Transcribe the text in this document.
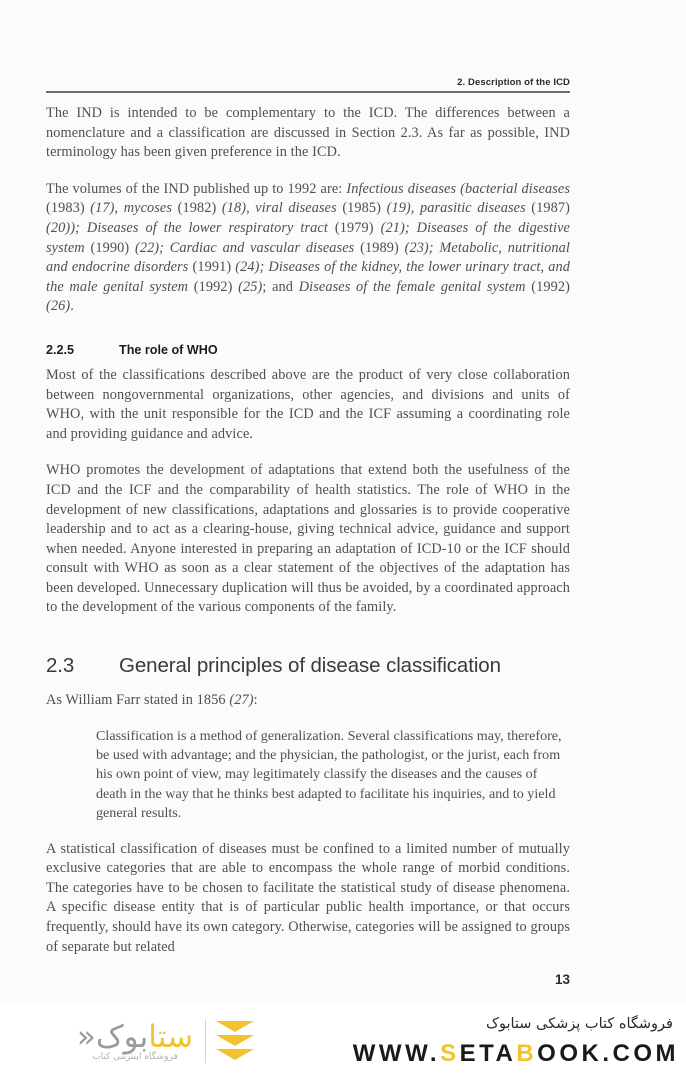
2. Description of the ICD

The IND is intended to be complementary to the ICD. The differences between a nomenclature and a classification are discussed in Section 2.3. As far as possible, IND terminology has been given preference in the ICD.

The volumes of the IND published up to 1992 are: Infectious diseases (bacterial diseases (1983) (17), mycoses (1982) (18), viral diseases (1985) (19), parasitic diseases (1987) (20)); Diseases of the lower respiratory tract (1979) (21); Diseases of the digestive system (1990) (22); Cardiac and vascular diseases (1989) (23); Metabolic, nutritional and endocrine disorders (1991) (24); Diseases of the kidney, the lower urinary tract, and the male genital system (1992) (25); and Diseases of the female genital system (1992) (26).

2.2.5	The role of WHO

Most of the classifications described above are the product of very close collaboration between nongovernmental organizations, other agencies, and divisions and units of WHO, with the unit responsible for the ICD and the ICF assuming a coordinating role and providing guidance and advice.

WHO promotes the development of adaptations that extend both the usefulness of the ICD and the ICF and the comparability of health statistics. The role of WHO in the development of new classifications, adaptations and glossaries is to provide cooperative leadership and to act as a clearing-house, giving technical advice, guidance and support when needed. Anyone interested in preparing an adaptation of ICD-10 or the ICF should consult with WHO as soon as a clear statement of the objectives of the adaptation has been developed. Unnecessary duplication will thus be avoided, by a coordinated approach to the development of the various components of the family.

2.3	General principles of disease classification

As William Farr stated in 1856 (27):

Classification is a method of generalization. Several classifications may, therefore, be used with advantage; and the physician, the pathologist, or the jurist, each from his own point of view, may legitimately classify the diseases and the causes of death in the way that he thinks best adapted to facilitate his inquiries, and to yield general results.

A statistical classification of diseases must be confined to a limited number of mutually exclusive categories that are able to encompass the whole range of morbid conditions. The categories have to be chosen to facilitate the statistical study of disease phenomena. A specific disease entity that is of particular public health importance, or that occurs frequently, should have its own category. Otherwise, categories will be assigned to groups of separate but related

13
ستابوک«
فروشگاه اینترنتی کتاب
فروشگاه کتاب پزشکی ستابوک
WWW.SETABOOK.COM
